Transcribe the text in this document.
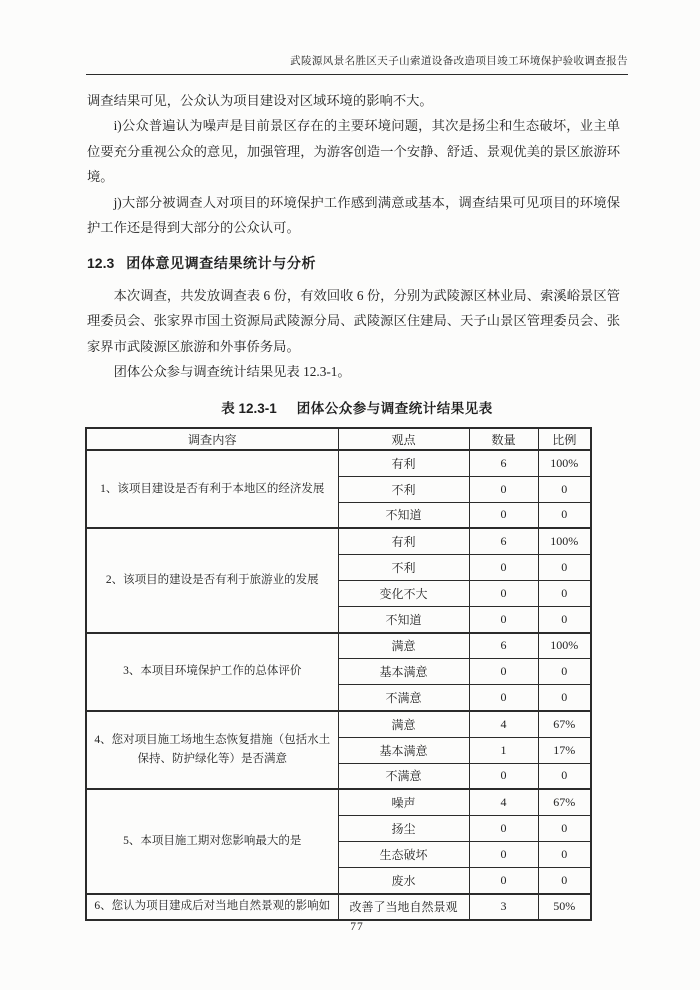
武陵源风景名胜区天子山索道设备改造项目竣工环境保护验收调查报告

调查结果可见，公众认为项目建设对区域环境的影响不大。

i)公众普遍认为噪声是目前景区存在的主要环境问题，其次是扬尘和生态破坏，业主单位要充分重视公众的意见，加强管理，为游客创造一个安静、舒适、景观优美的景区旅游环境。

j)大部分被调查人对项目的环境保护工作感到满意或基本，调查结果可见项目的环境保护工作还是得到大部分的公众认可。

12.3 团体意见调查结果统计与分析

本次调查，共发放调查表 6 份，有效回收 6 份，分别为武陵源区林业局、索溪峪景区管理委员会、张家界市国土资源局武陵源分局、武陵源区住建局、天子山景区管理委员会、张家界市武陵源区旅游和外事侨务局。

团体公众参与调查统计结果见表 12.3-1。

表 12.3-1 团体公众参与调查统计结果见表
调查内容	观点	数量	比例
1、该项目建设是否有利于本地区的经济发展	有利	6	100%
	不利	0	0
	不知道	0	0
2、该项目的建设是否有利于旅游业的发展	有利	6	100%
	不利	0	0
	变化不大	0	0
	不知道	0	0
3、本项目环境保护工作的总体评价	满意	6	100%
	基本满意	0	0
	不满意	0	0
4、您对项目施工场地生态恢复措施（包括水土保持、防护绿化等）是否满意	满意	4	67%
	基本满意	1	17%
	不满意	0	0
5、本项目施工期对您影响最大的是	噪声	4	67%
	扬尘	0	0
	生态破坏	0	0
	废水	0	0
6、您认为项目建成后对当地自然景观的影响如	改善了当地自然景观	3	50%
77
